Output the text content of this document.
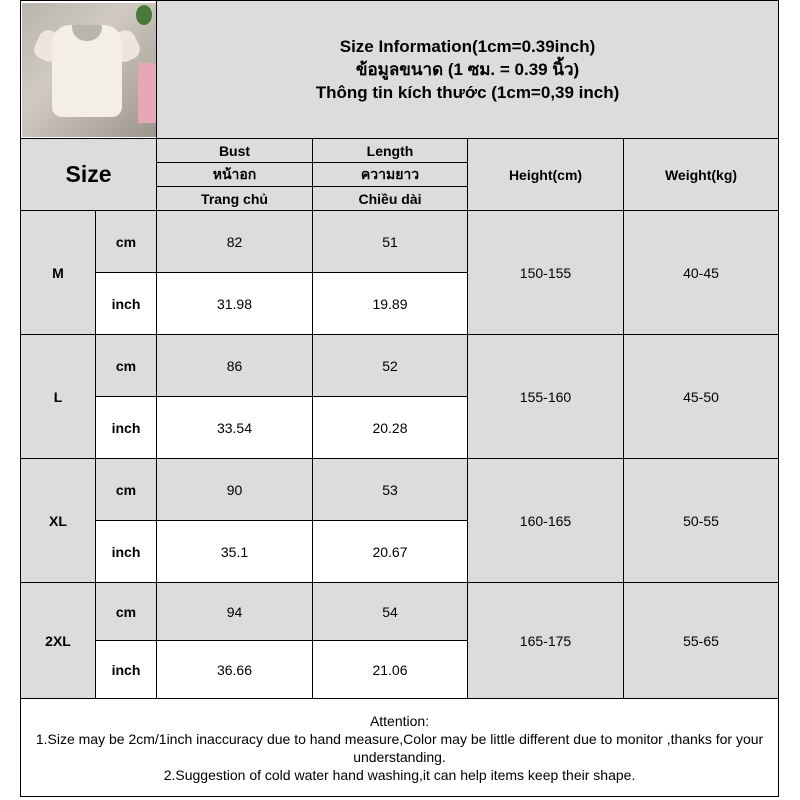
		Size Information(1cm=0.39inch)
ข้อมูลขนาด (1 ซม. = 0.39 นิ้ว)
Thông tin kích thước (1cm=0,39 inch)			

Size		Bust	Length	Height(cm)	Weight(kg)
		หน้าอก	ความยาว		
		Trang chủ	Chiều dài		
M	cm	82	51	150-155	40-45
	inch	31.98	19.89		
L	cm	86	52	155-160	45-50
	inch	33.54	20.28		
XL	cm	90	53	160-165	50-55
	inch	35.1	20.67		
2XL	cm	94	54	165-175	55-65
	inch	36.66	21.06		

Attention:
1.Size may be 2cm/1inch inaccuracy due to hand measure,Color may be little different due to monitor ,thanks for your understanding.
2.Suggestion of cold water hand washing,it can help items keep their shape.					
